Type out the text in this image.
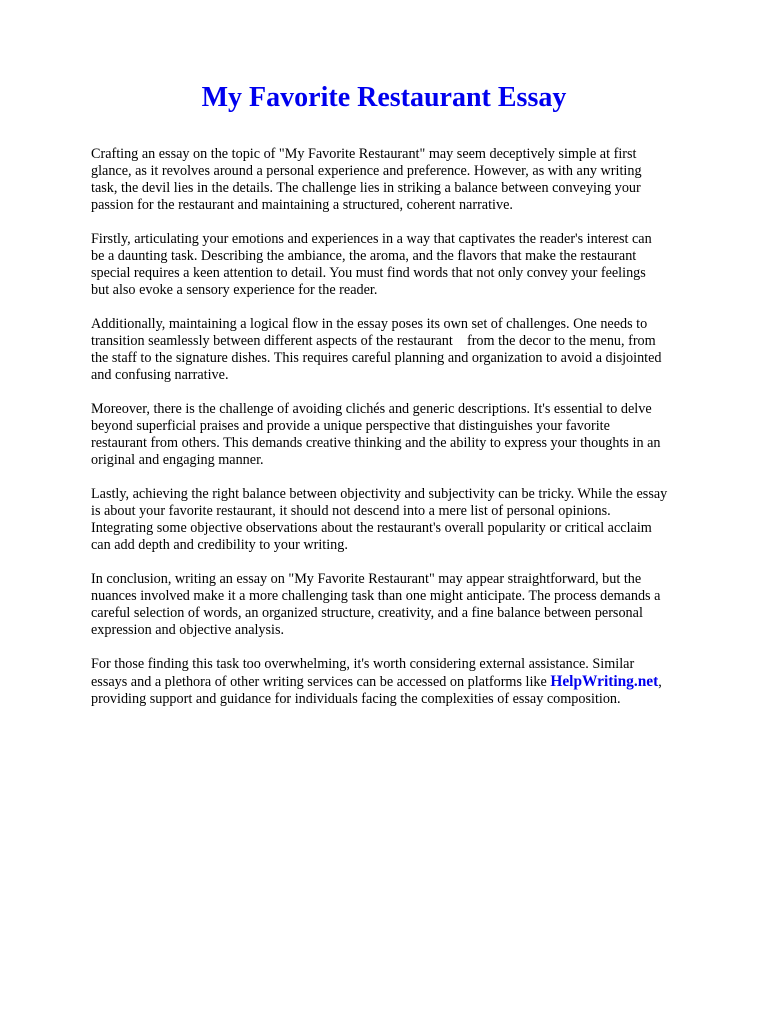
My Favorite Restaurant Essay

Crafting an essay on the topic of "My Favorite Restaurant" may seem deceptively simple at first
glance, as it revolves around a personal experience and preference. However, as with any writing
task, the devil lies in the details. The challenge lies in striking a balance between conveying your
passion for the restaurant and maintaining a structured, coherent narrative.

Firstly, articulating your emotions and experiences in a way that captivates the reader's interest can
be a daunting task. Describing the ambiance, the aroma, and the flavors that make the restaurant
special requires a keen attention to detail. You must find words that not only convey your feelings
but also evoke a sensory experience for the reader.

Additionally, maintaining a logical flow in the essay poses its own set of challenges. One needs to
transition seamlessly between different aspects of the restaurant    from the decor to the menu, from
the staff to the signature dishes. This requires careful planning and organization to avoid a disjointed
and confusing narrative.

Moreover, there is the challenge of avoiding clichés and generic descriptions. It's essential to delve
beyond superficial praises and provide a unique perspective that distinguishes your favorite
restaurant from others. This demands creative thinking and the ability to express your thoughts in an
original and engaging manner.

Lastly, achieving the right balance between objectivity and subjectivity can be tricky. While the essay
is about your favorite restaurant, it should not descend into a mere list of personal opinions.
Integrating some objective observations about the restaurant's overall popularity or critical acclaim
can add depth and credibility to your writing.

In conclusion, writing an essay on "My Favorite Restaurant" may appear straightforward, but the
nuances involved make it a more challenging task than one might anticipate. The process demands a
careful selection of words, an organized structure, creativity, and a fine balance between personal
expression and objective analysis.

For those finding this task too overwhelming, it's worth considering external assistance. Similar
essays and a plethora of other writing services can be accessed on platforms like HelpWriting.net,
providing support and guidance for individuals facing the complexities of essay composition.
